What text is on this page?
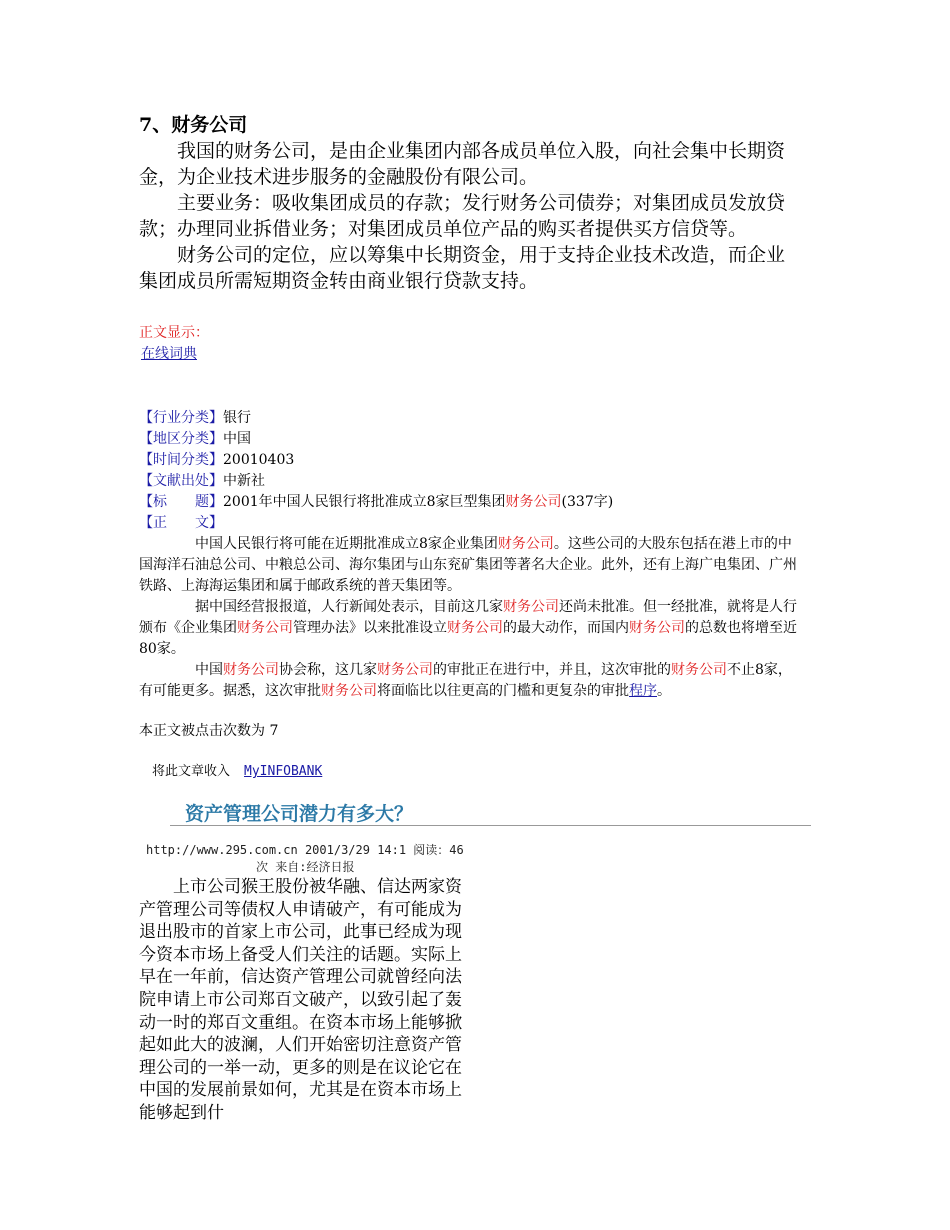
7、财务公司

我国的财务公司，是由企业集团内部各成员单位入股，向社会集中长期资金，为企业技术进步服务的金融股份有限公司。

主要业务：吸收集团成员的存款；发行财务公司债券；对集团成员发放贷款；办理同业拆借业务；对集团成员单位产品的购买者提供买方信贷等。

财务公司的定位，应以筹集中长期资金，用于支持企业技术改造，而企业集团成员所需短期资金转由商业银行贷款支持。

正文显示：
在线词典
【行业分类】银行
【地区分类】中国
【时间分类】20010403
【文献出处】中新社
【标题】2001年中国人民银行将批准成立8家巨型集团财务公司(337字)
【正文】

中国人民银行将可能在近期批准成立8家企业集团财务公司。这些公司的大股东包括在港上市的中国海洋石油总公司、中粮总公司、海尔集团与山东兖矿集团等著名大企业。此外，还有上海广电集团、广州铁路、上海海运集团和属于邮政系统的普天集团等。

据中国经营报报道，人行新闻处表示，目前这几家财务公司还尚未批准。但一经批准，就将是人行颁布《企业集团财务公司管理办法》以来批准设立财务公司的最大动作，而国内财务公司的总数也将增至近80家。

中国财务公司协会称，这几家财务公司的审批正在进行中，并且，这次审批的财务公司不止8家，有可能更多。据悉，这次审批财务公司将面临比以往更高的门槛和更复杂的审批程序。

本正文被点击次数为 7
将此文章收入 MyINFOBANK
资产管理公司潜力有多大？
http://www.295.com.cn 2001/3/29 14:1 阅读：46
次 来自:经济日报

上市公司猴王股份被华融、信达两家资产管理公司等债权人申请破产，有可能成为退出股市的首家上市公司，此事已经成为现今资本市场上备受人们关注的话题。实际上早在一年前，信达资产管理公司就曾经向法院申请上市公司郑百文破产，以致引起了轰动一时的郑百文重组。在资本市场上能够掀起如此大的波澜，人们开始密切注意资产管理公司的一举一动，更多的则是在议论它在中国的发展前景如何，尤其是在资本市场上能够起到什
